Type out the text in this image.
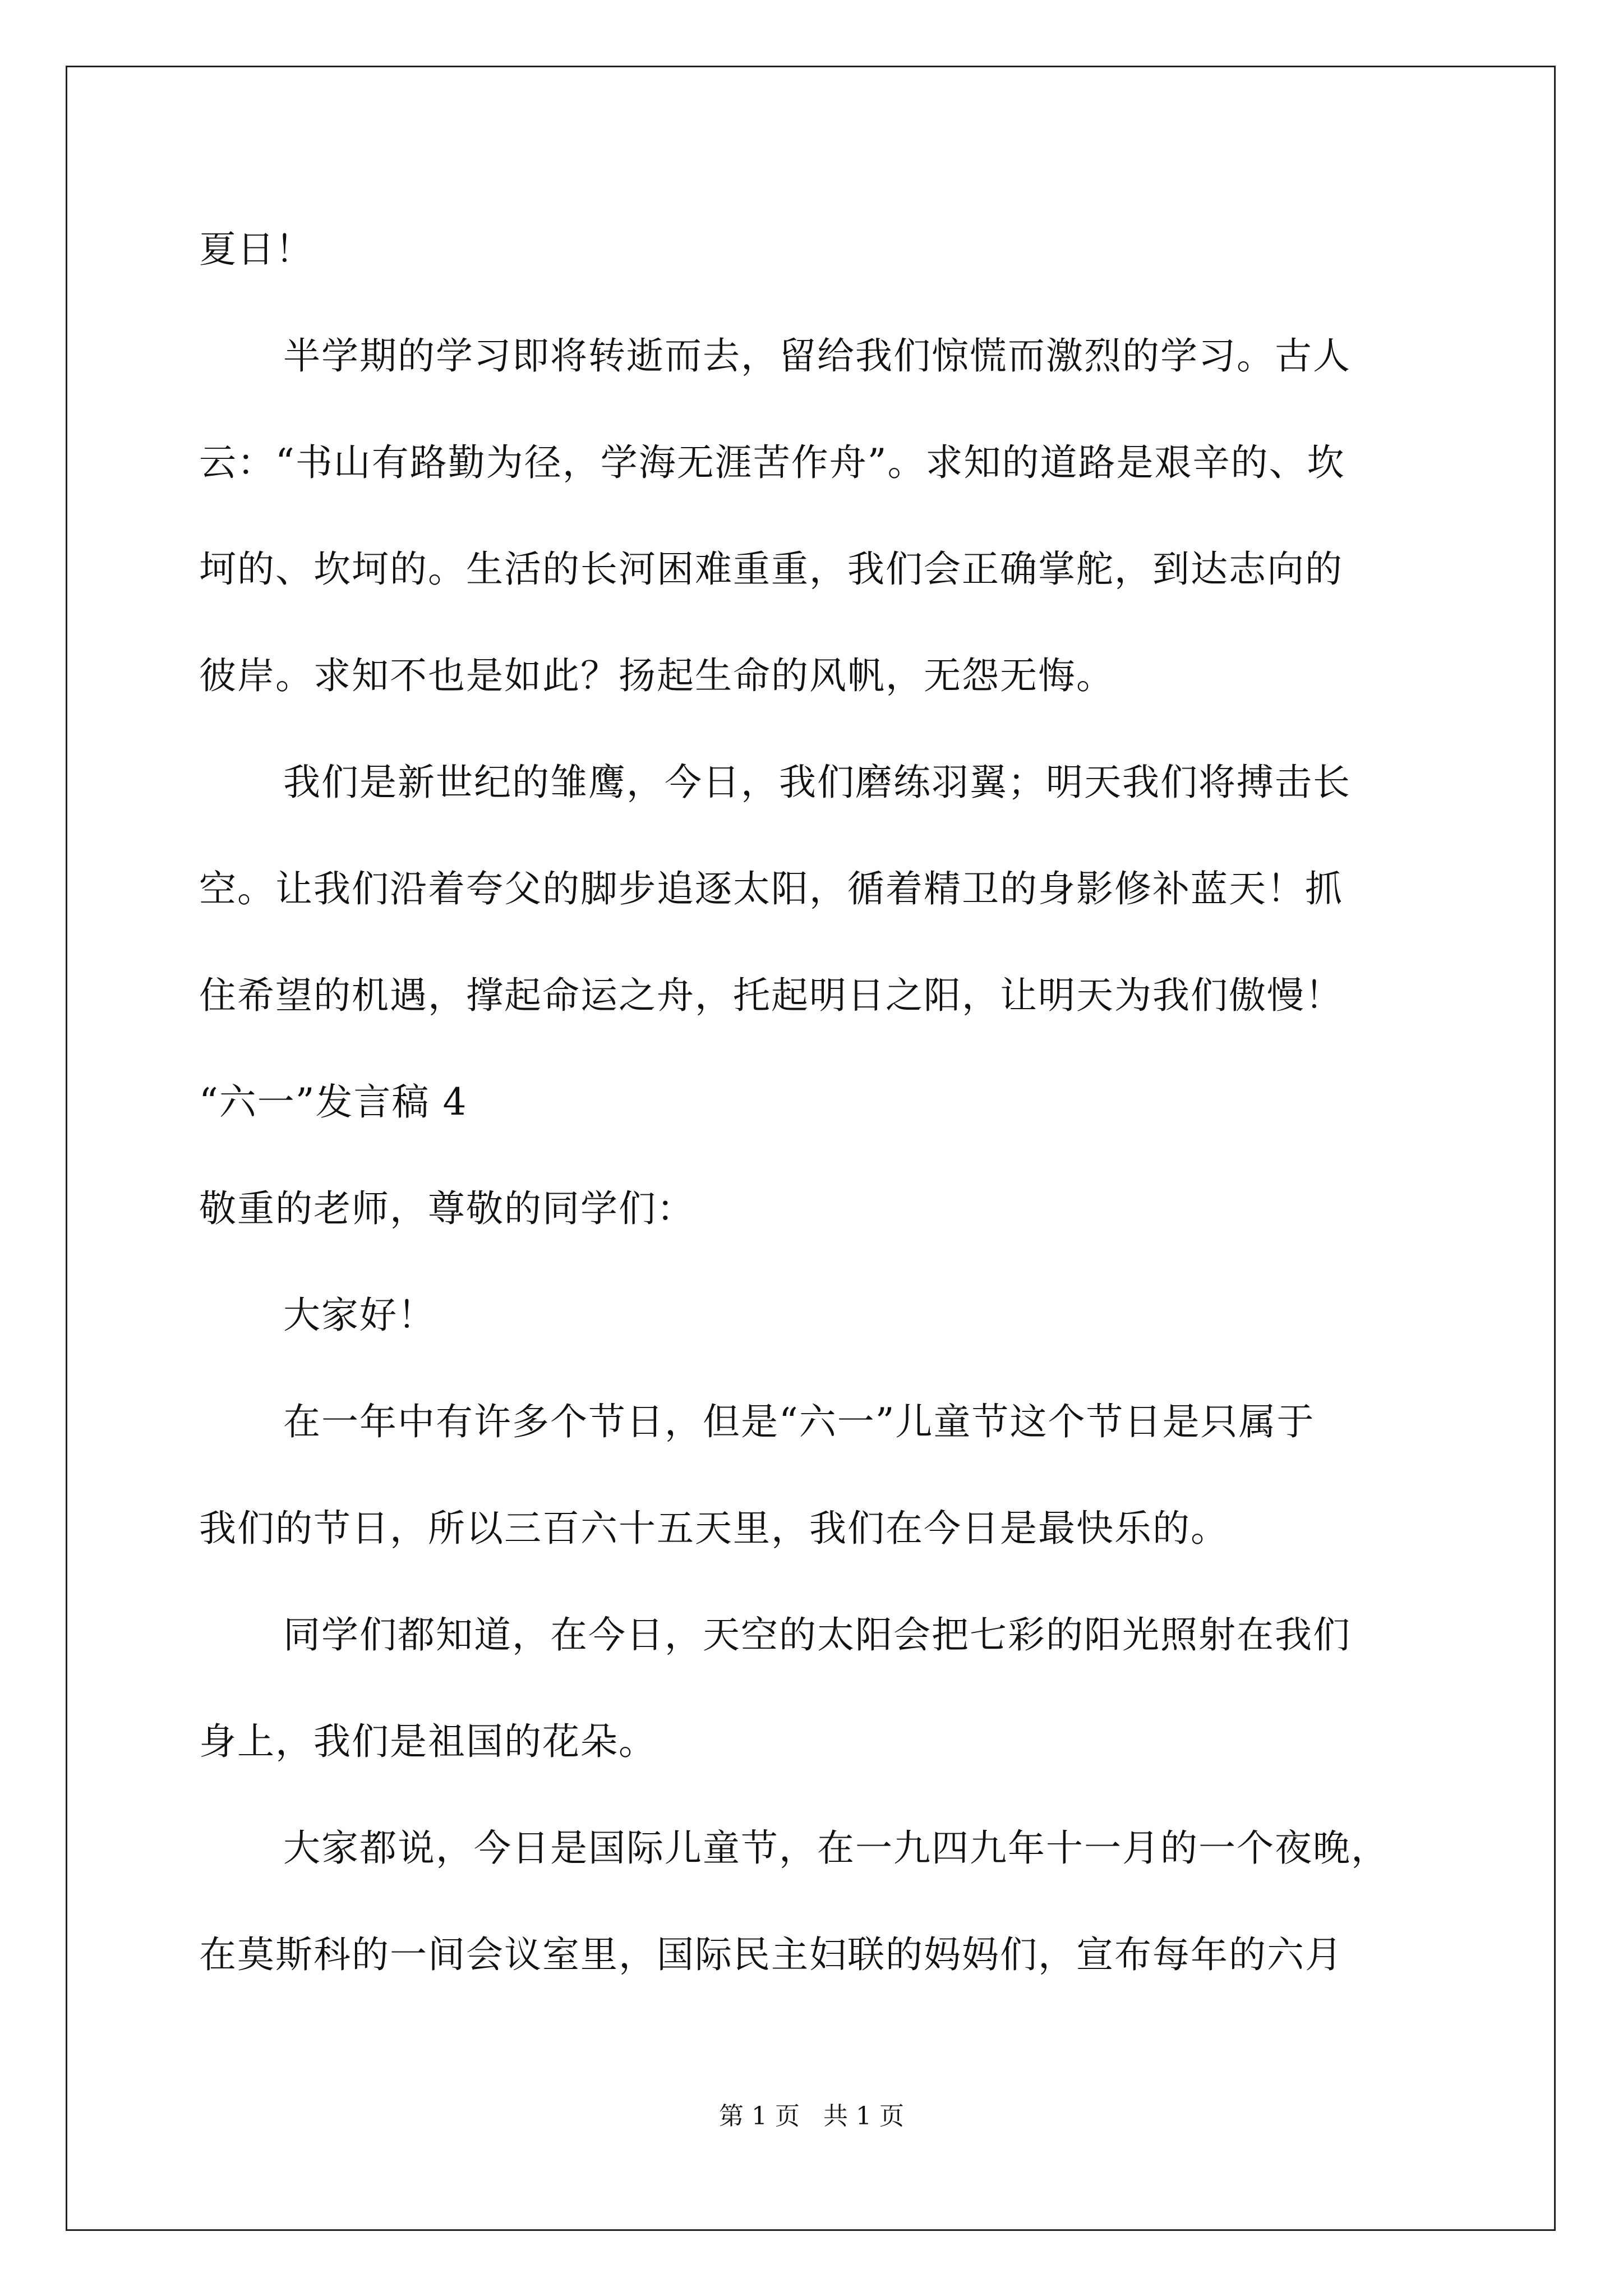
夏日！
半学期的学习即将转逝而去，留给我们惊慌而激烈的学习。古人
云：“书山有路勤为径，学海无涯苦作舟”。求知的道路是艰辛的、坎
坷的、坎坷的。生活的长河困难重重，我们会正确掌舵，到达志向的
彼岸。求知不也是如此？扬起生命的风帆，无怨无悔。
我们是新世纪的雏鹰，今日，我们磨练羽翼；明天我们将搏击长
空。让我们沿着夸父的脚步追逐太阳，循着精卫的身影修补蓝天！抓
住希望的机遇，撑起命运之舟，托起明日之阳，让明天为我们傲慢！
“六一”发言稿 4
敬重的老师，尊敬的同学们：
大家好！
在一年中有许多个节日，但是“六一”儿童节这个节日是只属于
我们的节日，所以三百六十五天里，我们在今日是最快乐的。
同学们都知道，在今日，天空的太阳会把七彩的阳光照射在我们
身上，我们是祖国的花朵。
大家都说，今日是国际儿童节，在一九四九年十一月的一个夜晚，
在莫斯科的一间会议室里，国际民主妇联的妈妈们，宣布每年的六月
第 1 页 共 1 页
